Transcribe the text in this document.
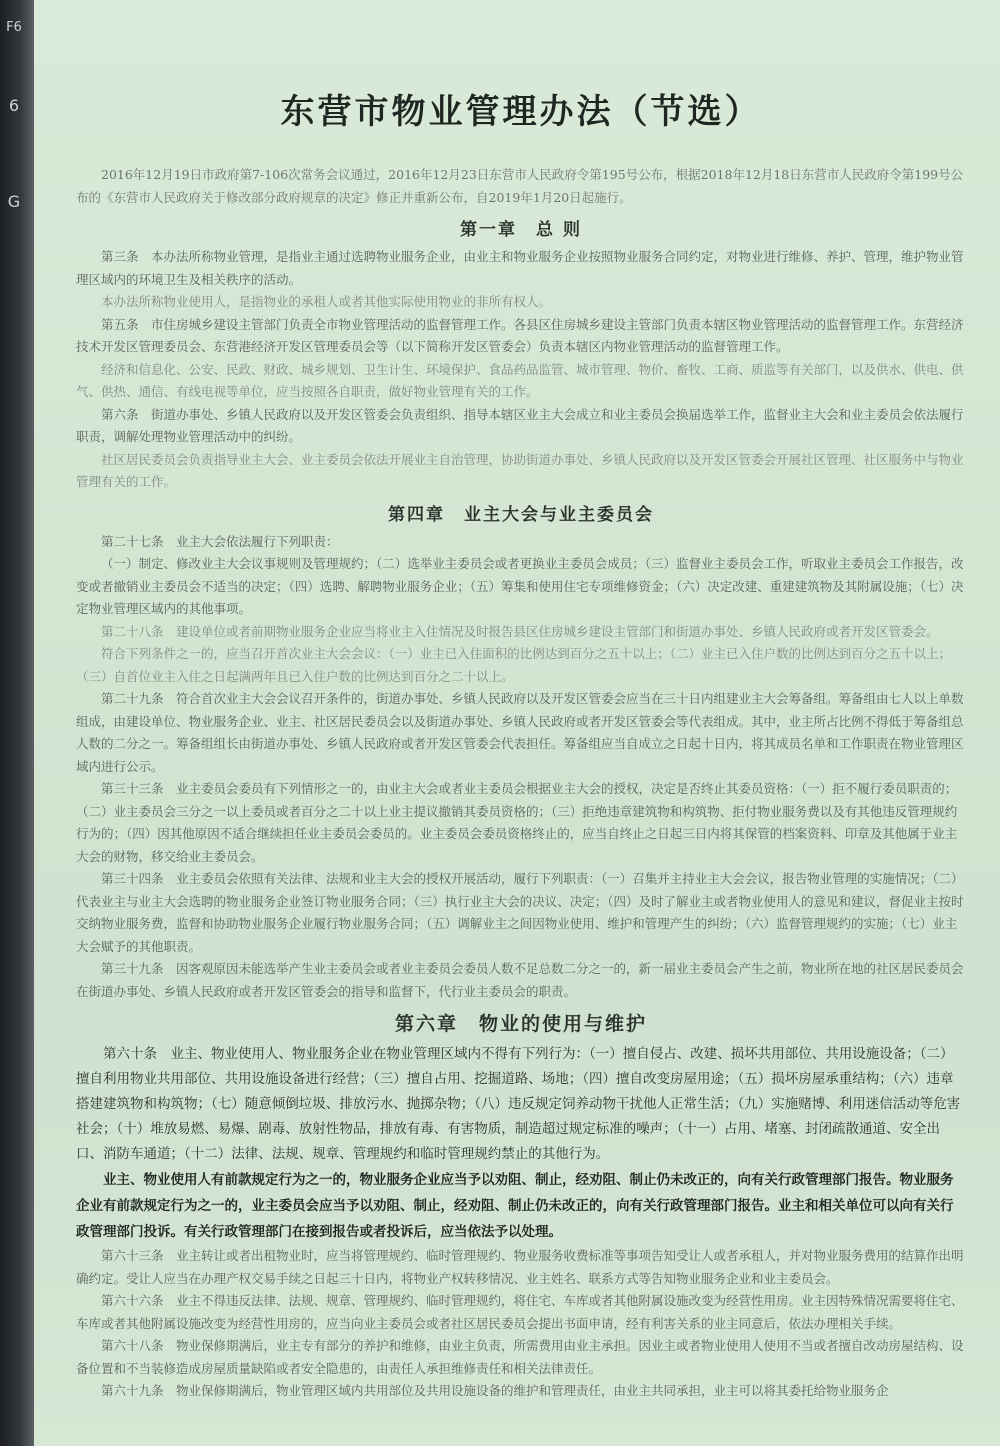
F6
6
G
东营市物业管理办法（节选）

2016年12月19日市政府第7-106次常务会议通过，2016年12月23日东营市人民政府令第195号公布，根据2018年12月18日东营市人民政府令第199号公布的《东营市人民政府关于修改部分政府规章的决定》修正并重新公布，自2019年1月20日起施行。

第一章　总 则

第三条　本办法所称物业管理，是指业主通过选聘物业服务企业，由业主和物业服务企业按照物业服务合同约定，对物业进行维修、养护、管理，维护物业管理区域内的环境卫生及相关秩序的活动。

本办法所称物业使用人，是指物业的承租人或者其他实际使用物业的非所有权人。

第五条　市住房城乡建设主管部门负责全市物业管理活动的监督管理工作。各县区住房城乡建设主管部门负责本辖区物业管理活动的监督管理工作。东营经济技术开发区管理委员会、东营港经济开发区管理委员会等（以下简称开发区管委会）负责本辖区内物业管理活动的监督管理工作。

经济和信息化、公安、民政、财政、城乡规划、卫生计生、环境保护、食品药品监管、城市管理、物价、畜牧、工商、质监等有关部门，以及供水、供电、供气、供热、通信、有线电视等单位，应当按照各自职责，做好物业管理有关的工作。

第六条　街道办事处、乡镇人民政府以及开发区管委会负责组织、指导本辖区业主大会成立和业主委员会换届选举工作，监督业主大会和业主委员会依法履行职责，调解处理物业管理活动中的纠纷。

社区居民委员会负责指导业主大会、业主委员会依法开展业主自治管理，协助街道办事处、乡镇人民政府以及开发区管委会开展社区管理、社区服务中与物业管理有关的工作。

第四章　业主大会与业主委员会

第二十七条　业主大会依法履行下列职责：

（一）制定、修改业主大会议事规则及管理规约；（二）选举业主委员会或者更换业主委员会成员；（三）监督业主委员会工作，听取业主委员会工作报告，改变或者撤销业主委员会不适当的决定；（四）选聘、解聘物业服务企业；（五）筹集和使用住宅专项维修资金；（六）决定改建、重建建筑物及其附属设施；（七）决定物业管理区域内的其他事项。

第二十八条　建设单位或者前期物业服务企业应当将业主入住情况及时报告县区住房城乡建设主管部门和街道办事处、乡镇人民政府或者开发区管委会。

符合下列条件之一的，应当召开首次业主大会会议：（一）业主已入住面积的比例达到百分之五十以上；（二）业主已入住户数的比例达到百分之五十以上；（三）自首位业主入住之日起满两年且已入住户数的比例达到百分之二十以上。

第二十九条　符合首次业主大会会议召开条件的，街道办事处、乡镇人民政府以及开发区管委会应当在三十日内组建业主大会筹备组。筹备组由七人以上单数组成，由建设单位、物业服务企业、业主、社区居民委员会以及街道办事处、乡镇人民政府或者开发区管委会等代表组成。其中，业主所占比例不得低于筹备组总人数的二分之一。筹备组组长由街道办事处、乡镇人民政府或者开发区管委会代表担任。筹备组应当自成立之日起十日内，将其成员名单和工作职责在物业管理区域内进行公示。

第三十三条　业主委员会委员有下列情形之一的，由业主大会或者业主委员会根据业主大会的授权，决定是否终止其委员资格：（一）拒不履行委员职责的；（二）业主委员会三分之一以上委员或者百分之二十以上业主提议撤销其委员资格的；（三）拒绝违章建筑物和构筑物、拒付物业服务费以及有其他违反管理规约行为的；（四）因其他原因不适合继续担任业主委员会委员的。业主委员会委员资格终止的，应当自终止之日起三日内将其保管的档案资料、印章及其他属于业主大会的财物，移交给业主委员会。

第三十四条　业主委员会依照有关法律、法规和业主大会的授权开展活动，履行下列职责：（一）召集并主持业主大会会议，报告物业管理的实施情况；（二）代表业主与业主大会选聘的物业服务企业签订物业服务合同；（三）执行业主大会的决议、决定；（四）及时了解业主或者物业使用人的意见和建议，督促业主按时交纳物业服务费，监督和协助物业服务企业履行物业服务合同；（五）调解业主之间因物业使用、维护和管理产生的纠纷；（六）监督管理规约的实施；（七）业主大会赋予的其他职责。

第三十九条　因客观原因未能选举产生业主委员会或者业主委员会委员人数不足总数二分之一的，新一届业主委员会产生之前，物业所在地的社区居民委员会在街道办事处、乡镇人民政府或者开发区管委会的指导和监督下，代行业主委员会的职责。

第六章　物业的使用与维护

第六十条　业主、物业使用人、物业服务企业在物业管理区域内不得有下列行为：（一）擅自侵占、改建、损坏共用部位、共用设施设备；（二）擅自利用物业共用部位、共用设施设备进行经营；（三）擅自占用、挖掘道路、场地；（四）擅自改变房屋用途；（五）损坏房屋承重结构；（六）违章搭建建筑物和构筑物；（七）随意倾倒垃圾、排放污水、抛掷杂物；（八）违反规定饲养动物干扰他人正常生活；（九）实施赌博、利用迷信活动等危害社会；（十）堆放易燃、易爆、剧毒、放射性物品，排放有毒、有害物质，制造超过规定标准的噪声；（十一）占用、堵塞、封闭疏散通道、安全出口、消防车通道；（十二）法律、法规、规章、管理规约和临时管理规约禁止的其他行为。

业主、物业使用人有前款规定行为之一的，物业服务企业应当予以劝阻、制止，经劝阻、制止仍未改正的，向有关行政管理部门报告。物业服务企业有前款规定行为之一的，业主委员会应当予以劝阻、制止，经劝阻、制止仍未改正的，向有关行政管理部门报告。业主和相关单位可以向有关行政管理部门投诉。有关行政管理部门在接到报告或者投诉后，应当依法予以处理。

第六十三条　业主转让或者出租物业时，应当将管理规约、临时管理规约、物业服务收费标准等事项告知受让人或者承租人，并对物业服务费用的结算作出明确约定。受让人应当在办理产权交易手续之日起三十日内，将物业产权转移情况、业主姓名、联系方式等告知物业服务企业和业主委员会。

第六十六条　业主不得违反法律、法规、规章、管理规约、临时管理规约，将住宅、车库或者其他附属设施改变为经营性用房。业主因特殊情况需要将住宅、车库或者其他附属设施改变为经营性用房的，应当向业主委员会或者社区居民委员会提出书面申请，经有利害关系的业主同意后，依法办理相关手续。

第六十八条　物业保修期满后，业主专有部分的养护和维修，由业主负责，所需费用由业主承担。因业主或者物业使用人使用不当或者擅自改动房屋结构、设备位置和不当装修造成房屋质量缺陷或者安全隐患的，由责任人承担维修责任和相关法律责任。

第六十九条　物业保修期满后，物业管理区域内共用部位及共用设施设备的维护和管理责任，由业主共同承担，业主可以将其委托给物业服务企
